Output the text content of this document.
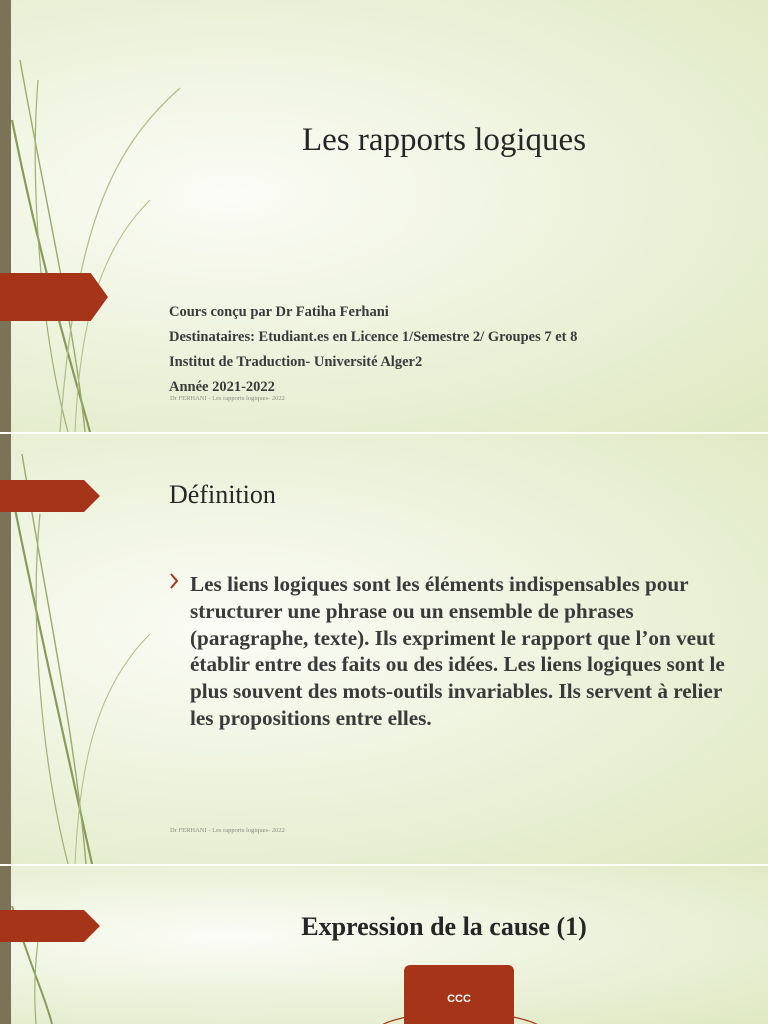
Les rapports logiques
Cours conçu par Dr Fatiha Ferhani
Destinataires: Etudiant.es en Licence 1/Semestre 2/ Groupes 7 et 8
Institut de Traduction- Université Alger2
Année 2021-2022
Dr FERHANI - Les rapports logiques- 2022
Définition
Les liens logiques sont les éléments indispensables pour structurer une phrase ou un ensemble de phrases (paragraphe, texte). Ils expriment le rapport que l’on veut établir entre des faits ou des idées. Les liens logiques sont le plus souvent des mots-outils invariables. Ils servent à relier les propositions entre elles.
Dr FERHANI - Les rapports logiques- 2022
Expression de la cause (1)
CCC
